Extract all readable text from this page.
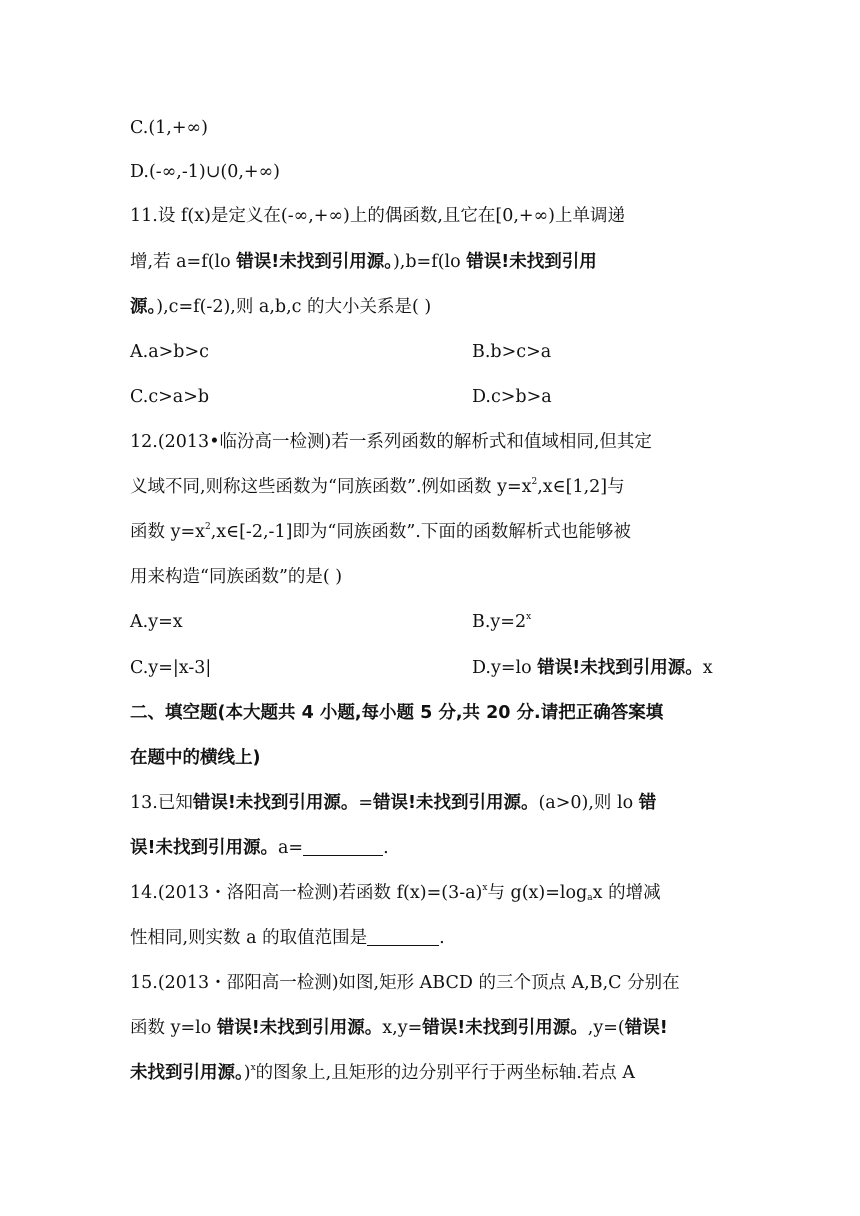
C.(1,+∞)
D.(-∞,-1)∪(0,+∞)
11.设 f(x)是定义在(-∞,+∞)上的偶函数,且它在[0,+∞)上单调递
增,若 a=f(lo 错误!未找到引用源。),b=f(lo 错误!未找到引用
源。),c=f(-2),则 a,b,c 的大小关系是( )
A.a>b>c	B.b>c>a
C.c>a>b	D.c>b>a
12.(2013•临汾高一检测)若一系列函数的解析式和值域相同,但其定
义域不同,则称这些函数为“同族函数”.例如函数 $y=x^2,x\in[1,2]$与
函数 $y=x^2,x\in[-2,-1]$即为“同族函数”.下面的函数解析式也能够被
用来构造“同族函数”的是( )
A.y=x	$B.y=2^x$
C.y=|x-3|	D.y=lo 错误!未找到引用源。x
二、填空题(本大题共 4 小题,每小题 5 分,共 20 分.请把正确答案填
在题中的横线上)
13.已知错误!未找到引用源。=错误!未找到引用源。(a>0),则 lo 错
误!未找到引用源。a=	.
14.(2013・洛阳高一检测)若函数 $f(x)=(3-a)^x$与 $g(x)=\log_ax$ 的增减
性相同,则实数 a 的取值范围是	.
15.(2013・邵阳高一检测)如图,矩形 ABCD 的三个顶点 A,B,C 分别在
函数 y=lo 错误!未找到引用源。x,y=错误!未找到引用源。,y=(错误!
未找到引用源。)$^x$的图象上,且矩形的边分别平行于两坐标轴.若点 A
